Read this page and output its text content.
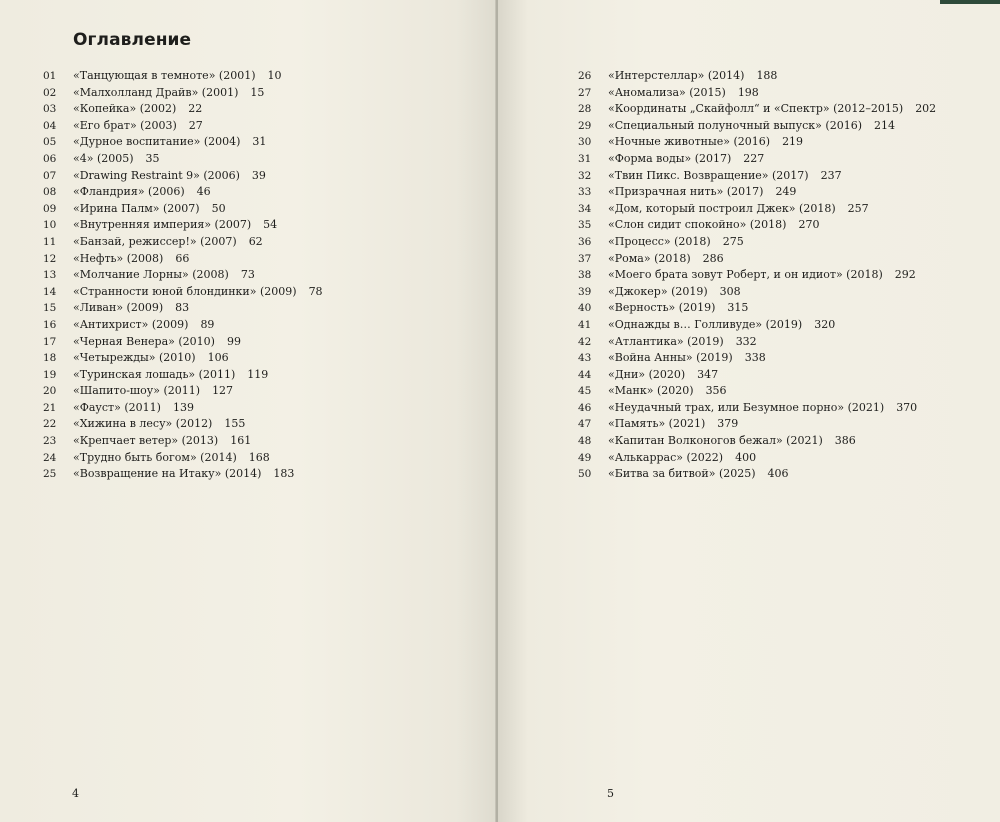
Оглавление
01 «Танцующая в темноте» (2001) 10
02 «Малхолланд Драйв» (2001) 15
03 «Копейка» (2002) 22
04 «Его брат» (2003) 27
05 «Дурное воспитание» (2004) 31
06 «4» (2005) 35
07 «Drawing Restraint 9» (2006) 39
08 «Фландрия» (2006) 46
09 «Ирина Палм» (2007) 50
10 «Внутренняя империя» (2007) 54
11 «Банзай, режиссер!» (2007) 62
12 «Нефть» (2008) 66
13 «Молчание Лорны» (2008) 73
14 «Странности юной блондинки» (2009) 78
15 «Ливан» (2009) 83
16 «Антихрист» (2009) 89
17 «Черная Венера» (2010) 99
18 «Четырежды» (2010) 106
19 «Туринская лошадь» (2011) 119
20 «Шапито-шоу» (2011) 127
21 «Фауст» (2011) 139
22 «Хижина в лесу» (2012) 155
23 «Крепчает ветер» (2013) 161
24 «Трудно быть богом» (2014) 168
25 «Возвращение на Итаку» (2014) 183
4
26 «Интерстеллар» (2014) 188
27 «Аномализа» (2015) 198
28 «Координаты „Скайфолл“ и «Спектр» (2012–2015) 202
29 «Специальный полуночный выпуск» (2016) 214
30 «Ночные животные» (2016) 219
31 «Форма воды» (2017) 227
32 «Твин Пикс. Возвращение» (2017) 237
33 «Призрачная нить» (2017) 249
34 «Дом, который построил Джек» (2018) 257
35 «Слон сидит спокойно» (2018) 270
36 «Процесс» (2018) 275
37 «Рома» (2018) 286
38 «Моего брата зовут Роберт, и он идиот» (2018) 292
39 «Джокер» (2019) 308
40 «Верность» (2019) 315
41 «Однажды в… Голливуде» (2019) 320
42 «Атлантика» (2019) 332
43 «Война Анны» (2019) 338
44 «Дни» (2020) 347
45 «Манк» (2020) 356
46 «Неудачный трах, или Безумное порно» (2021) 370
47 «Память» (2021) 379
48 «Капитан Волконогов бежал» (2021) 386
49 «Алькаррас» (2022) 400
50 «Битва за битвой» (2025) 406
5
